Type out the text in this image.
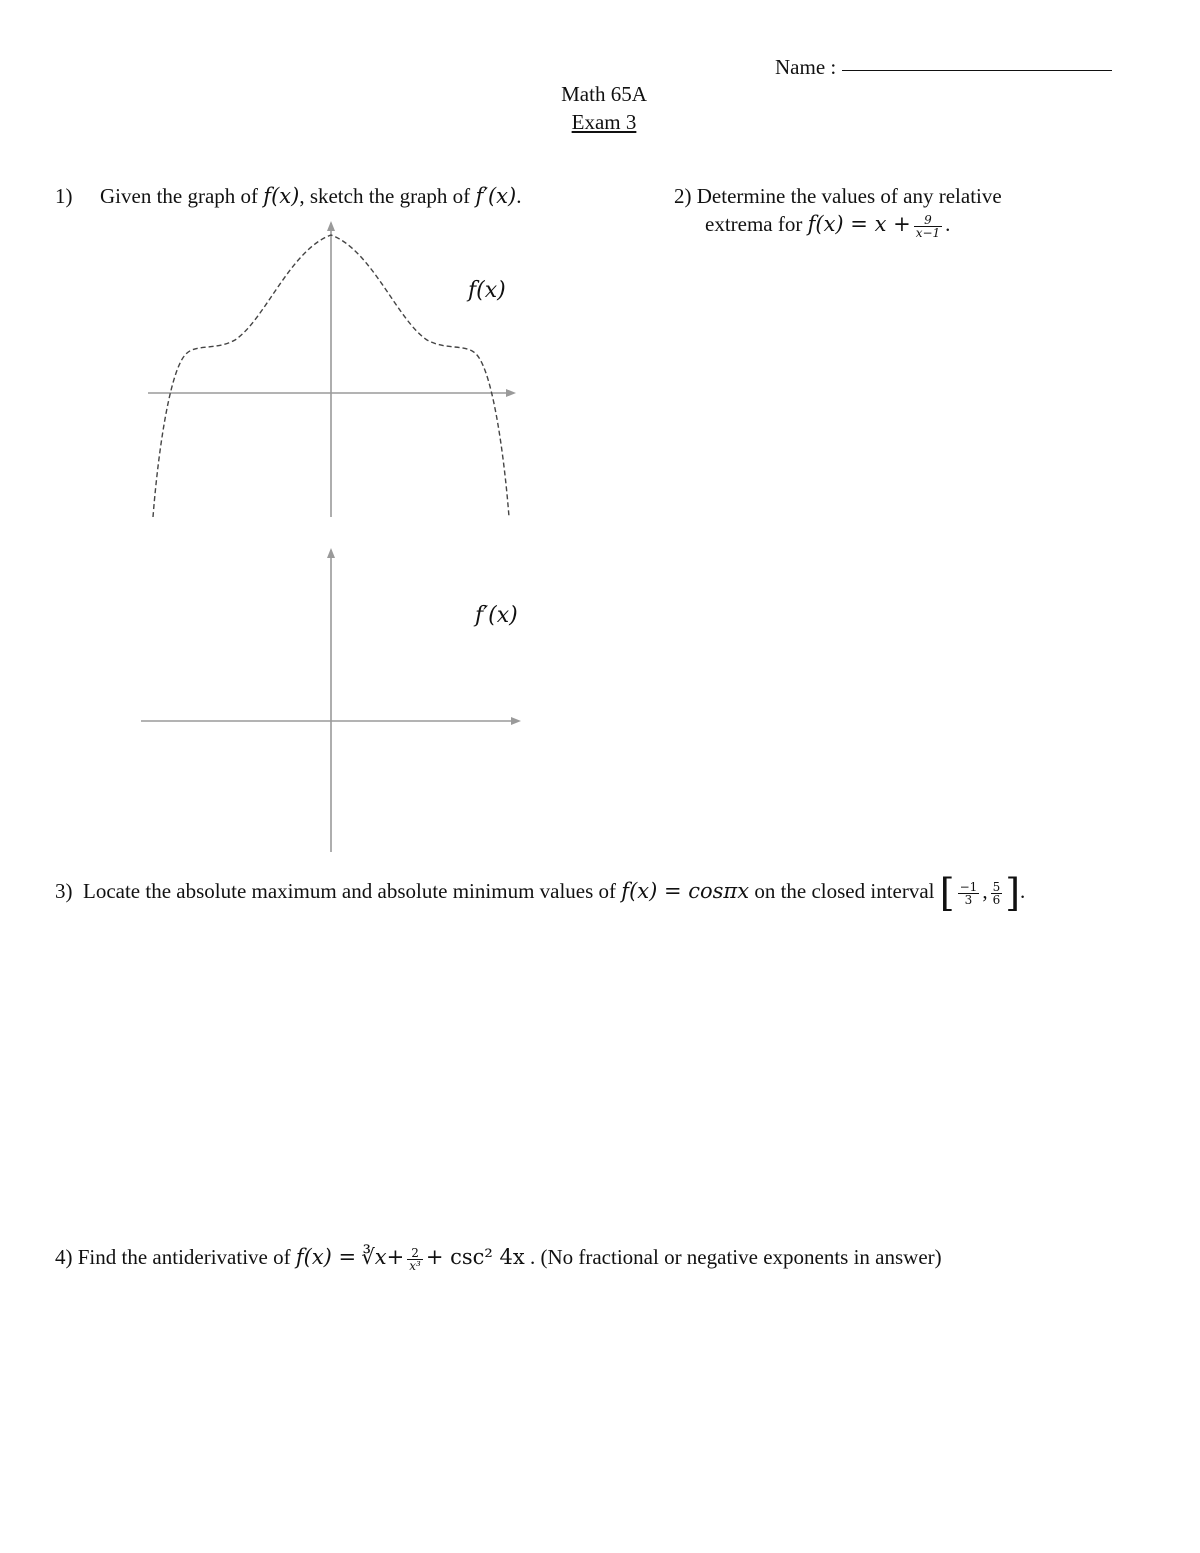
Name :
Math 65A
Exam 3
1) Given the graph of f(x), sketch the graph of f′(x).
f(x)
f′(x)
2) Determine the values of any relative
extrema for $f(x) = x + \frac{9}{x-1}$ .
3) Locate the absolute maximum and absolute minimum values of f(x) = cosπx on the closed interval [ $\frac{-1}{3}$ , $\frac{5}{6}$ ].
4) Find the antiderivative of f(x) = ∛x+ $\frac{2}{\text{x³}} + \csc^2$ 4x . (No fractional or negative exponents in answer)
